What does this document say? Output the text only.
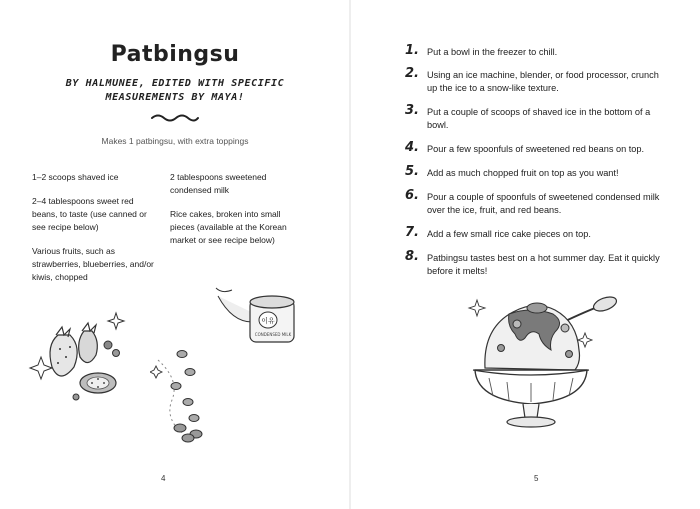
Patbingsu
BY HALMUNEE, EDITED WITH SPECIFIC MEASUREMENTS BY MAYA!
Makes 1 patbingsu, with extra toppings
1–2 scoops shaved ice
2–4 tablespoons sweet red beans, to taste (use canned or see recipe below)
Various fruits, such as strawberries, blueberries, and/or kiwis, chopped
2 tablespoons sweetened condensed milk
Rice cakes, broken into small pieces (available at the Korean market or see recipe below)
이유
CONDENSED MILK
4
1. Put a bowl in the freezer to chill.
2. Using an ice machine, blender, or food processor, crunch up the ice to a snow-like texture.
3. Put a couple of scoops of shaved ice in the bottom of a bowl.
4. Pour a few spoonfuls of sweetened red beans on top.
5. Add as much chopped fruit on top as you want!
6. Pour a couple of spoonfuls of sweetened condensed milk over the ice, fruit, and red beans.
7. Add a few small rice cake pieces on top.
8. Patbingsu tastes best on a hot summer day. Eat it quickly before it melts!
5
